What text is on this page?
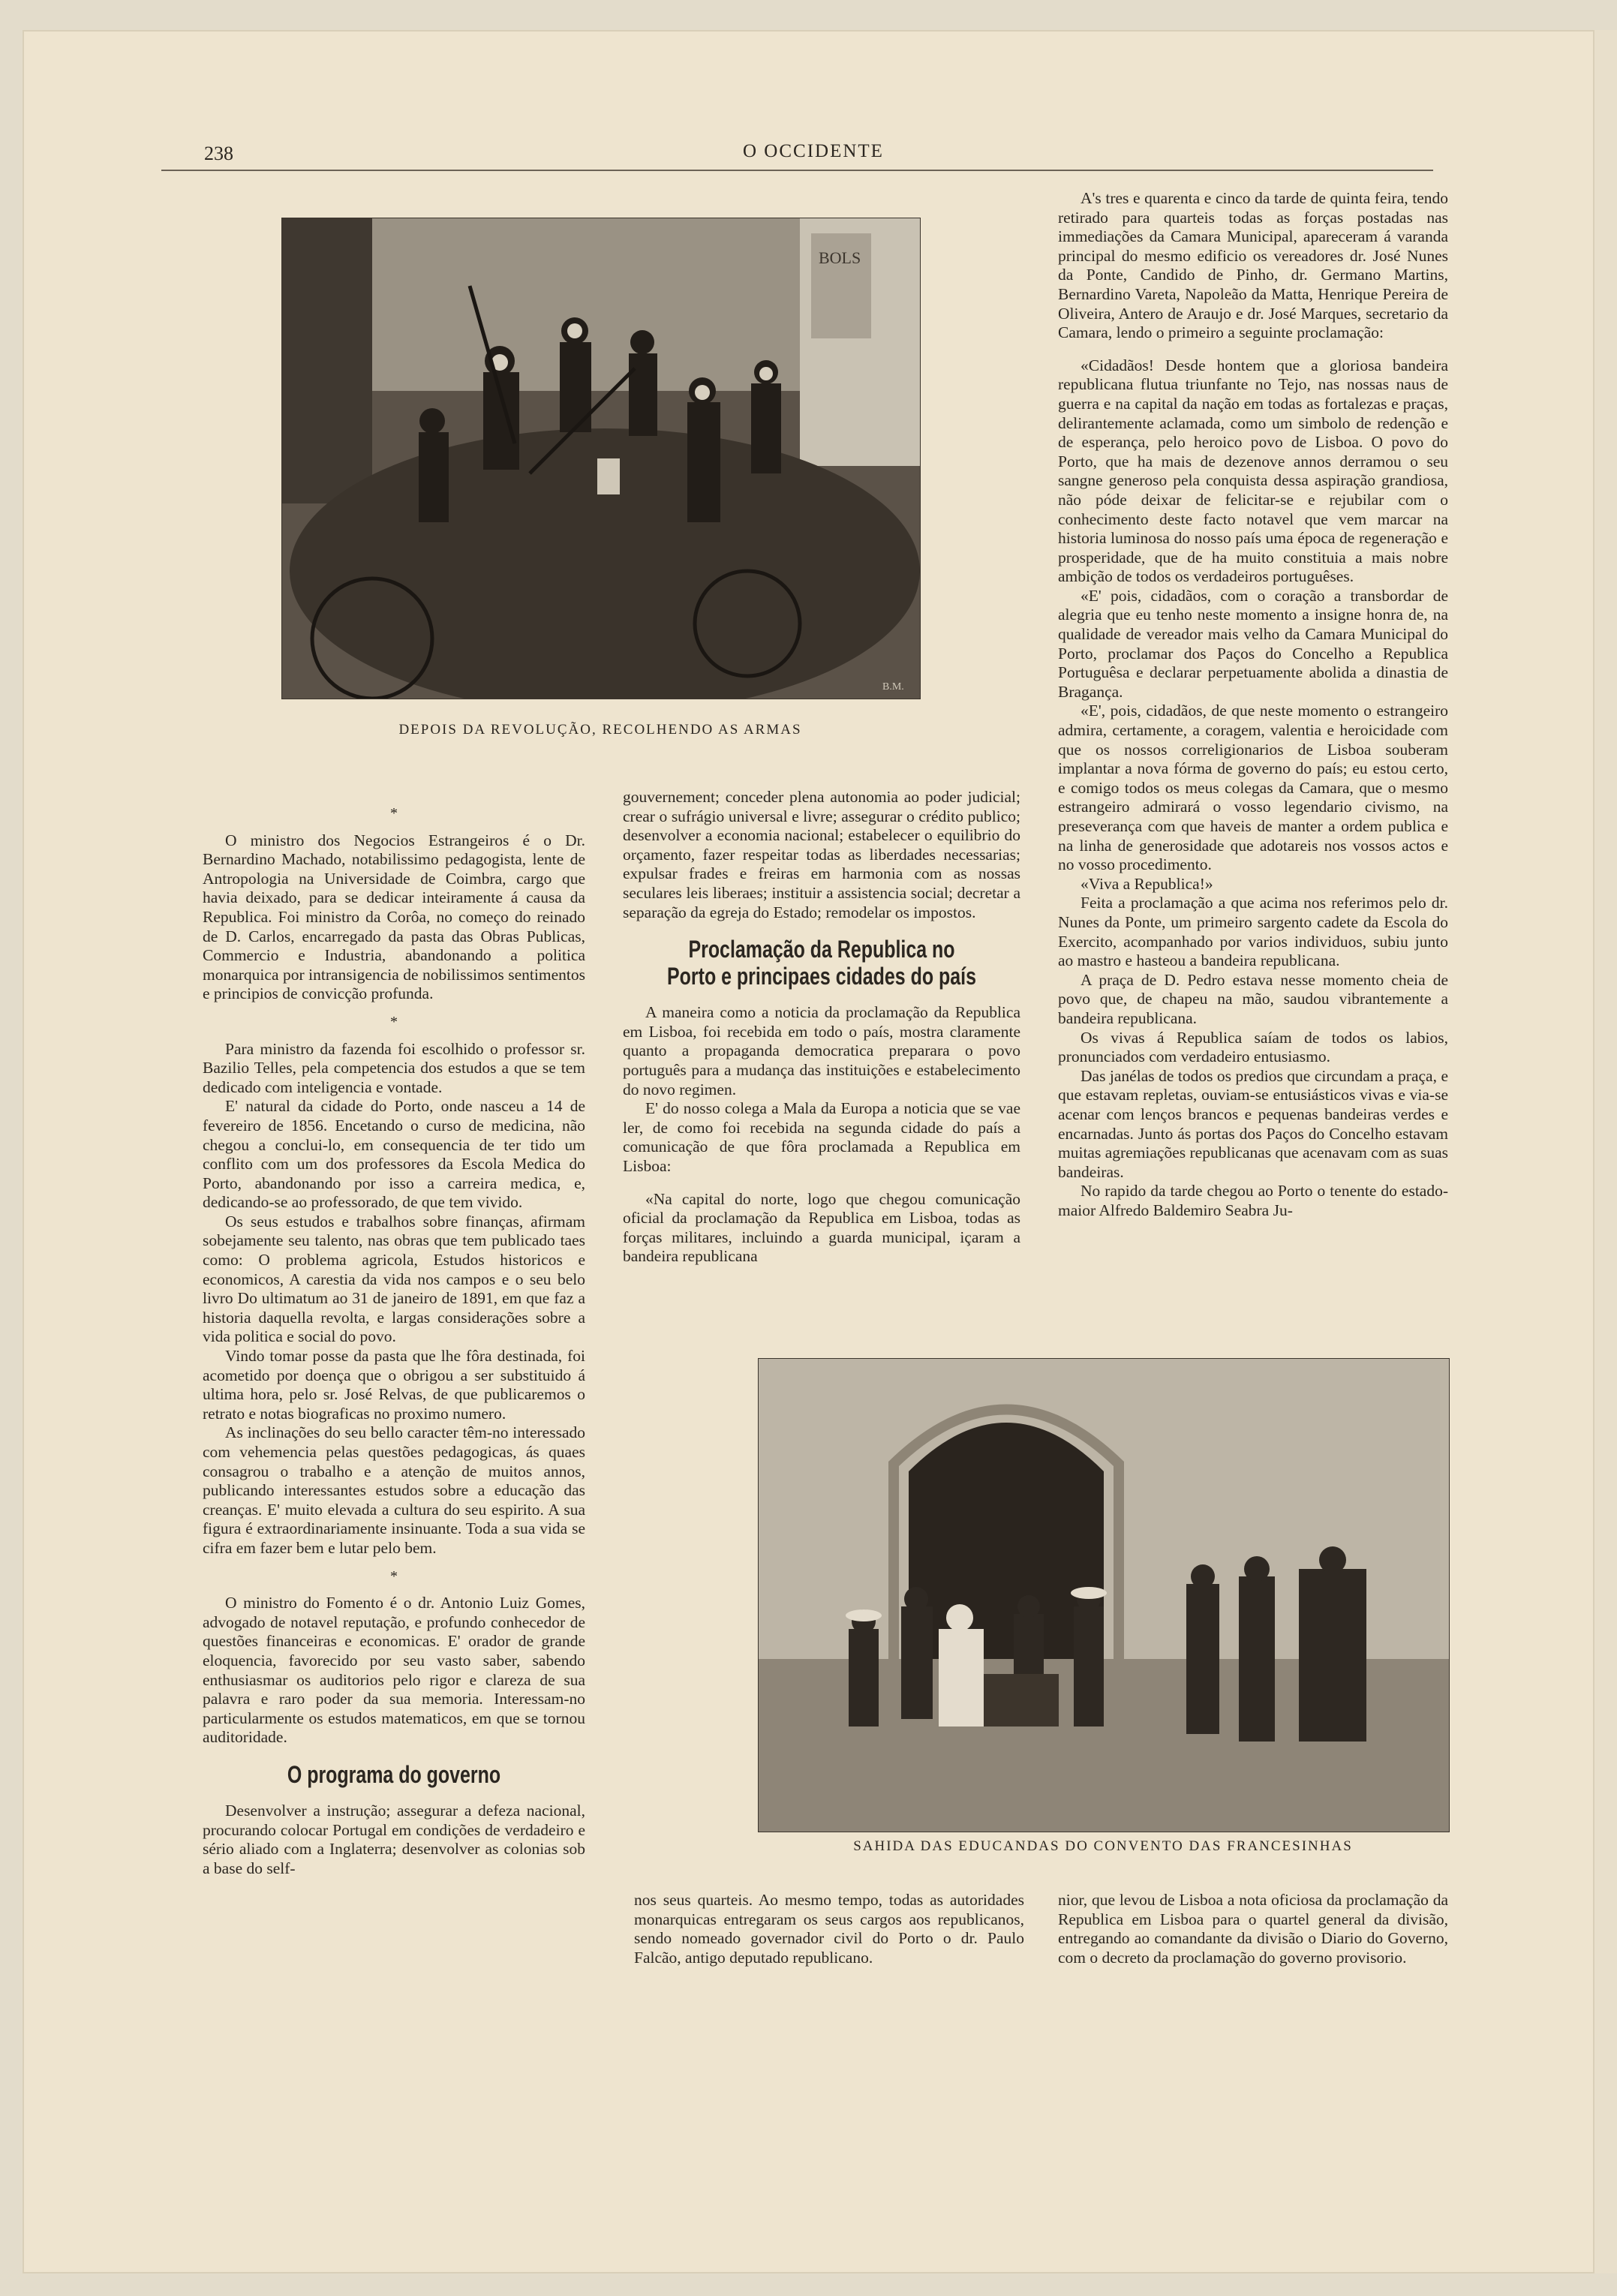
238	O OCCIDENTE
BOLS
B.M.
DEPOIS DA REVOLUÇÃO, RECOLHENDO AS ARMAS

*

O ministro dos Negocios Estrangeiros é o Dr. Bernardino Machado, notabilissimo pedagogista, lente de Antropologia na Universidade de Coimbra, cargo que havia deixado, para se dedicar inteiramente á causa da Republica. Foi ministro da Corôa, no começo do reinado de D. Carlos, encarregado da pasta das Obras Publicas, Commercio e Industria, abandonando a politica monarquica por intransigencia de nobilissimos sentimentos e principios de convicção profunda.

*

Para ministro da fazenda foi escolhido o professor sr. Bazilio Telles, pela competencia dos estudos a que se tem dedicado com inteligencia e vontade.

E' natural da cidade do Porto, onde nasceu a 14 de fevereiro de 1856. Encetando o curso de medicina, não chegou a conclui-lo, em consequencia de ter tido um conflito com um dos professores da Escola Medica do Porto, abandonando por isso a carreira medica, e, dedicando-se ao professorado, de que tem vivido.

Os seus estudos e trabalhos sobre finanças, afirmam sobejamente seu talento, nas obras que tem publicado taes como: O problema agricola, Estudos historicos e economicos, A carestia da vida nos campos e o seu belo livro Do ultimatum ao 31 de janeiro de 1891, em que faz a historia daquella revolta, e largas considerações sobre a vida politica e social do povo.

Vindo tomar posse da pasta que lhe fôra destinada, foi acometido por doença que o obrigou a ser substituido á ultima hora, pelo sr. José Relvas, de que publicaremos o retrato e notas biograficas no proximo numero.

As inclinações do seu bello caracter têm-no interessado com vehemencia pelas questões pedagogicas, ás quaes consagrou o trabalho e a atenção de muitos annos, publicando interessantes estudos sobre a educação das creanças. E' muito elevada a cultura do seu espirito. A sua figura é extraordinariamente insinuante. Toda a sua vida se cifra em fazer bem e lutar pelo bem.

*

O ministro do Fomento é o dr. Antonio Luiz Gomes, advogado de notavel reputação, e profundo conhecedor de questões financeiras e economicas. E' orador de grande eloquencia, favorecido por seu vasto saber, sabendo enthusiasmar os auditorios pelo rigor e clareza de sua palavra e raro poder da sua memoria. Interessam-no particularmente os estudos matematicos, em que se tornou auditoridade.

O programa do governo

Desenvolver a instrução; assegurar a defeza nacional, procurando colocar Portugal em condições de verdadeiro e sério aliado com a Inglaterra; desenvolver as colonias sob a base do self-

gouvernement; conceder plena autonomia ao poder judicial; crear o sufrágio universal e livre; assegurar o crédito publico; desenvolver a economia nacional; estabelecer o equilibrio do orçamento, fazer respeitar todas as liberdades necessarias; expulsar frades e freiras em harmonia com as nossas seculares leis liberaes; instituir a assistencia social; decretar a separação da egreja do Estado; remodelar os impostos.

Proclamação da Republica no Porto e principaes cidades do país

A maneira como a noticia da proclamação da Republica em Lisboa, foi recebida em todo o país, mostra claramente quanto a propaganda democratica preparara o povo português para a mudança das instituições e estabelecimento do novo regimen.

E' do nosso colega a Mala da Europa a noticia que se vae ler, de como foi recebida na segunda cidade do país a comunicação de que fôra proclamada a Republica em Lisboa:

«Na capital do norte, logo que chegou comunicação oficial da proclamação da Republica em Lisboa, todas as forças militares, incluindo a guarda municipal, içaram a bandeira republicana

A's tres e quarenta e cinco da tarde de quinta feira, tendo retirado para quarteis todas as forças postadas nas immediações da Camara Municipal, apareceram á varanda principal do mesmo edificio os vereadores dr. José Nunes da Ponte, Candido de Pinho, dr. Germano Martins, Bernardino Vareta, Napoleão da Matta, Henrique Pereira de Oliveira, Antero de Araujo e dr. José Marques, secretario da Camara, lendo o primeiro a seguinte proclamação:

«Cidadãos! Desde hontem que a gloriosa bandeira republicana flutua triunfante no Tejo, nas nossas naus de guerra e na capital da nação em todas as fortalezas e praças, delirantemente aclamada, como um simbolo de redenção e de esperança, pelo heroico povo de Lisboa. O povo do Porto, que ha mais de dezenove annos derramou o seu sangne generoso pela conquista dessa aspiração grandiosa, não póde deixar de felicitar-se e rejubilar com o conhecimento deste facto notavel que vem marcar na historia luminosa do nosso país uma época de regeneração e prosperidade, que de ha muito constituia a mais nobre ambição de todos os verdadeiros portuguêses.

«E' pois, cidadãos, com o coração a transbordar de alegria que eu tenho neste momento a insigne honra de, na qualidade de vereador mais velho da Camara Municipal do Porto, proclamar dos Paços do Concelho a Republica Portuguêsa e declarar perpetuamente abolida a dinastia de Bragança.

«E', pois, cidadãos, de que neste momento o estrangeiro admira, certamente, a coragem, valentia e heroicidade com que os nossos correligionarios de Lisboa souberam implantar a nova fórma de governo do país; eu estou certo, e comigo todos os meus colegas da Camara, que o mesmo estrangeiro admirará o vosso legendario civismo, na preseverança com que haveis de manter a ordem publica e na linha de generosidade que adotareis nos vossos actos e no vosso procedimento.

«Viva a Republica!»

Feita a proclamação a que acima nos referimos pelo dr. Nunes da Ponte, um primeiro sargento cadete da Escola do Exercito, acompanhado por varios individuos, subiu junto ao mastro e hasteou a bandeira republicana.

A praça de D. Pedro estava nesse momento cheia de povo que, de chapeu na mão, saudou vibrantemente a bandeira republicana.

Os vivas á Republica saíam de todos os labios, pronunciados com verdadeiro entusiasmo.

Das janélas de todos os predios que circundam a praça, e que estavam repletas, ouviam-se entusiásticos vivas e via-se acenar com lenços brancos e pequenas bandeiras verdes e encarnadas. Junto ás portas dos Paços do Concelho estavam muitas agremiações republicanas que acenavam com as suas bandeiras.

No rapido da tarde chegou ao Porto o tenente do estado-maior Alfredo Baldemiro Seabra Ju-

SAHIDA DAS EDUCANDAS DO CONVENTO DAS FRANCESINHAS

nos seus quarteis. Ao mesmo tempo, todas as autoridades monarquicas entregaram os seus cargos aos republicanos, sendo nomeado governador civil do Porto o dr. Paulo Falcão, antigo deputado republicano.

nior, que levou de Lisboa a nota oficiosa da proclamação da Republica em Lisboa para o quartel general da divisão, entregando ao comandante da divisão o Diario do Governo, com o decreto da proclamação do governo provisorio.
